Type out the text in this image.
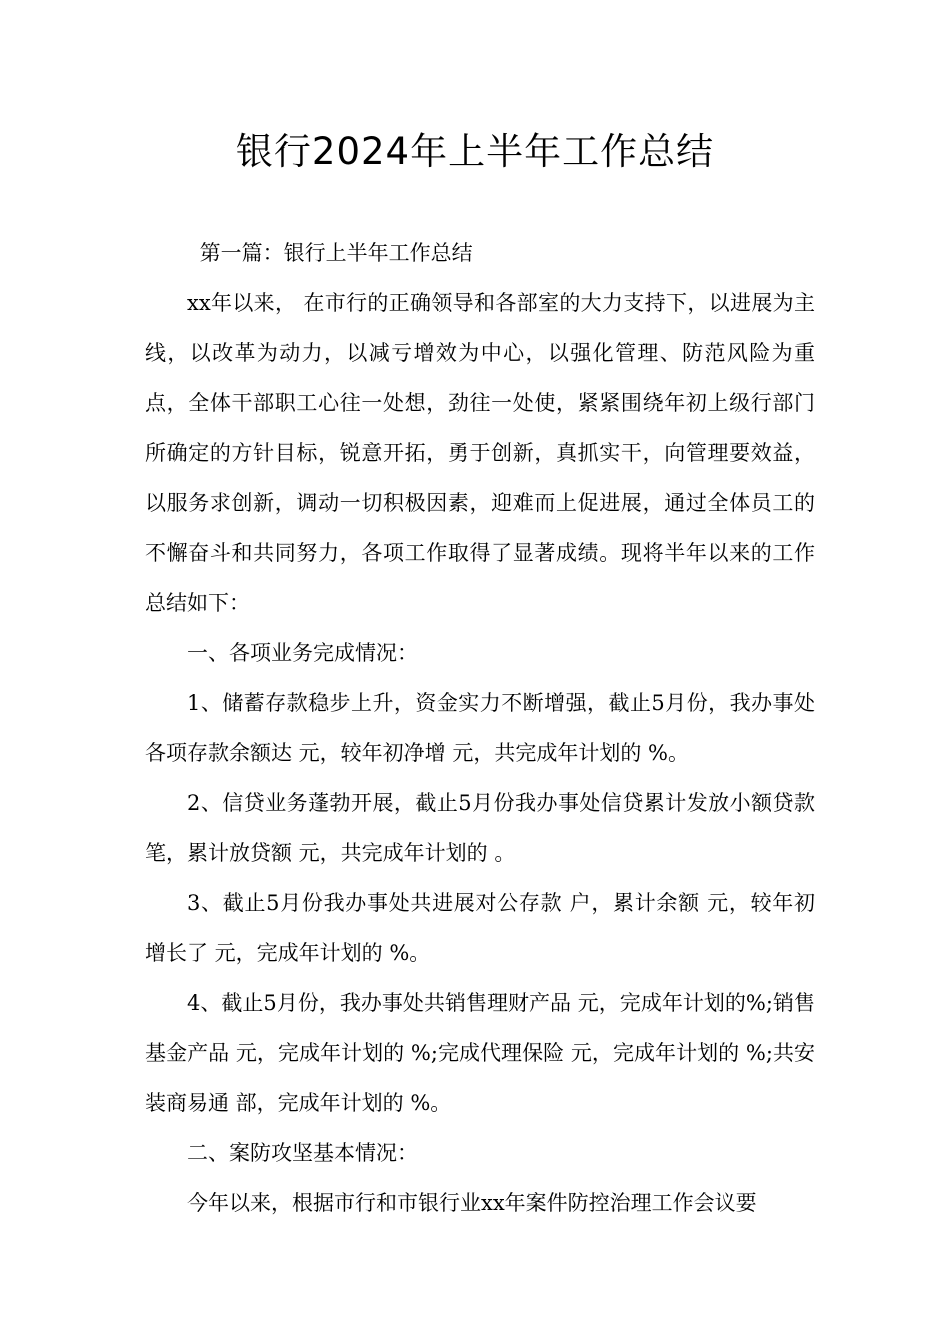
银行2024年上半年工作总结

第一篇：银行上半年工作总结

xx年以来， 在市行的正确领导和各部室的大力支持下，以进展为主线，以改革为动力，以减亏增效为中心，以强化管理、防范风险为重点，全体干部职工心往一处想，劲往一处使，紧紧围绕年初上级行部门所确定的方针目标，锐意开拓，勇于创新，真抓实干，向管理要效益，以服务求创新，调动一切积极因素，迎难而上促进展，通过全体员工的不懈奋斗和共同努力，各项工作取得了显著成绩。现将半年以来的工作总结如下：

一、各项业务完成情况：

1、储蓄存款稳步上升，资金实力不断增强，截止5月份，我办事处各项存款余额达 元，较年初净增 元，共完成年计划的 %。

2、信贷业务蓬勃开展，截止5月份我办事处信贷累计发放小额贷款笔，累计放贷额 元，共完成年计划的 。

3、截止5月份我办事处共进展对公存款 户，累计余额 元，较年初增长了 元，完成年计划的 %。

4、截止5月份，我办事处共销售理财产品 元，完成年计划的%;销售基金产品 元，完成年计划的 %;完成代理保险 元，完成年计划的 %;共安装商易通 部，完成年计划的 %。

二、案防攻坚基本情况：

今年以来，根据市行和市银行业xx年案件防控治理工作会议要
